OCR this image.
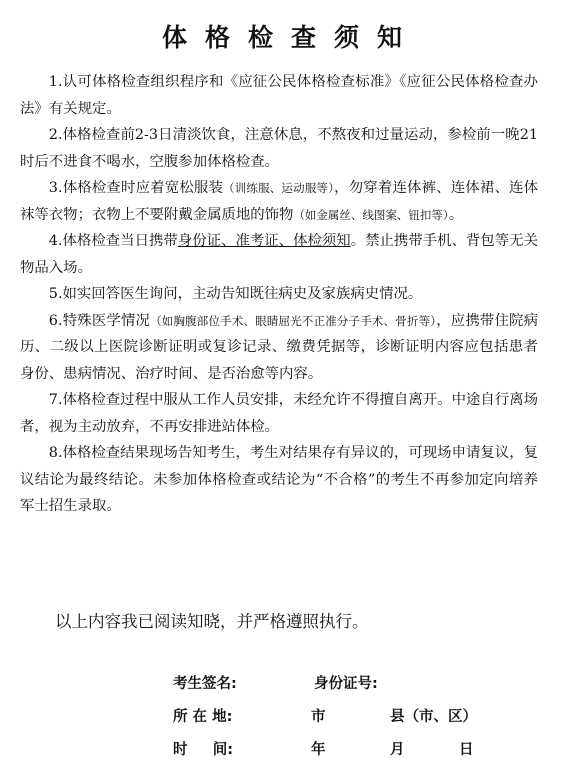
体格检查须知

1.认可体格检查组织程序和《应征公民体格检查标准》《应征公民体格检查办法》有关规定。

2.体格检查前2-3日清淡饮食，注意休息，不熬夜和过量运动，参检前一晚21时后不进食不喝水，空腹参加体格检查。

3.体格检查时应着宽松服装（训练服、运动服等），勿穿着连体裤、连体裙、连体袜等衣物；衣物上不要附戴金属质地的饰物（如金属丝、线图案、钮扣等）。

4.体格检查当日携带身份证、准考证、体检须知。禁止携带手机、背包等无关物品入场。

5.如实回答医生询问，主动告知既往病史及家族病史情况。

6.特殊医学情况（如胸腹部位手术、眼睛屈光不正准分子手术、骨折等），应携带住院病历、二级以上医院诊断证明或复诊记录、缴费凭据等，诊断证明内容应包括患者身份、患病情况、治疗时间、是否治愈等内容。

7.体格检查过程中服从工作人员安排，未经允许不得擅自离开。中途自行离场者，视为主动放弃，不再安排进站体检。

8.体格检查结果现场告知考生，考生对结果存有异议的，可现场申请复议，复议结论为最终结论。未参加体格检查或结论为“不合格”的考生不再参加定向培养军士招生录取。

以上内容我已阅读知晓，并严格遵照执行。
考生签名:	身份证号:
所 在 地:	市	县（市、区）
时     间:	年	月	日
